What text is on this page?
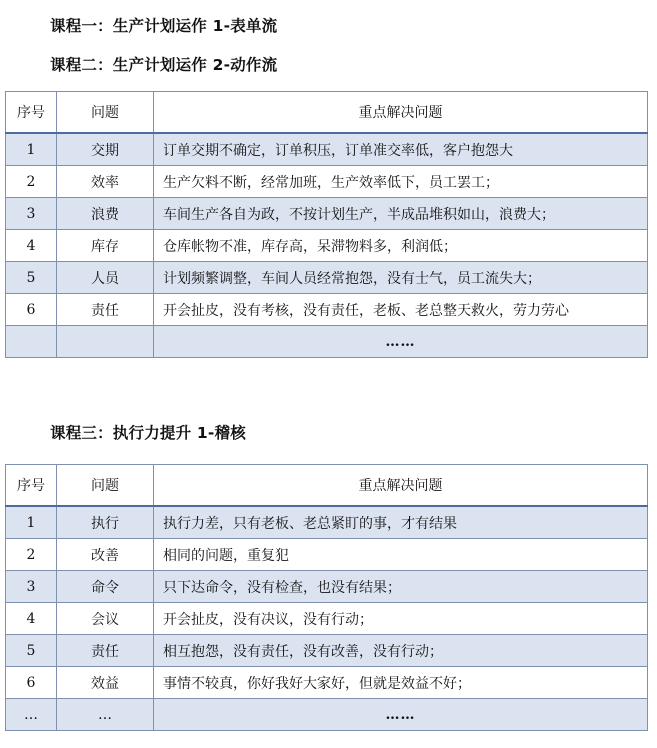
课程一：生产计划运作 1-表单流
课程二：生产计划运作 2-动作流
序号	问题	重点解决问题
1	交期	订单交期不确定，订单积压，订单准交率低，客户抱怨大
2	效率	生产欠料不断，经常加班，生产效率低下，员工罢工；
3	浪费	车间生产各自为政，不按计划生产，半成品堆积如山，浪费大；
4	库存	仓库帐物不准，库存高，呆滞物料多，利润低；
5	人员	计划频繁调整，车间人员经常抱怨，没有士气，员工流失大；
6	责任	开会扯皮，没有考核，没有责任，老板、老总整天救火，劳力劳心
		……
课程三：执行力提升 1-稽核
序号	问题	重点解决问题
1	执行	执行力差，只有老板、老总紧盯的事，才有结果
2	改善	相同的问题，重复犯
3	命令	只下达命令，没有检查，也没有结果；
4	会议	开会扯皮，没有决议，没有行动；
5	责任	相互抱怨，没有责任，没有改善，没有行动；
6	效益	事情不较真，你好我好大家好，但就是效益不好；
…	…	……
